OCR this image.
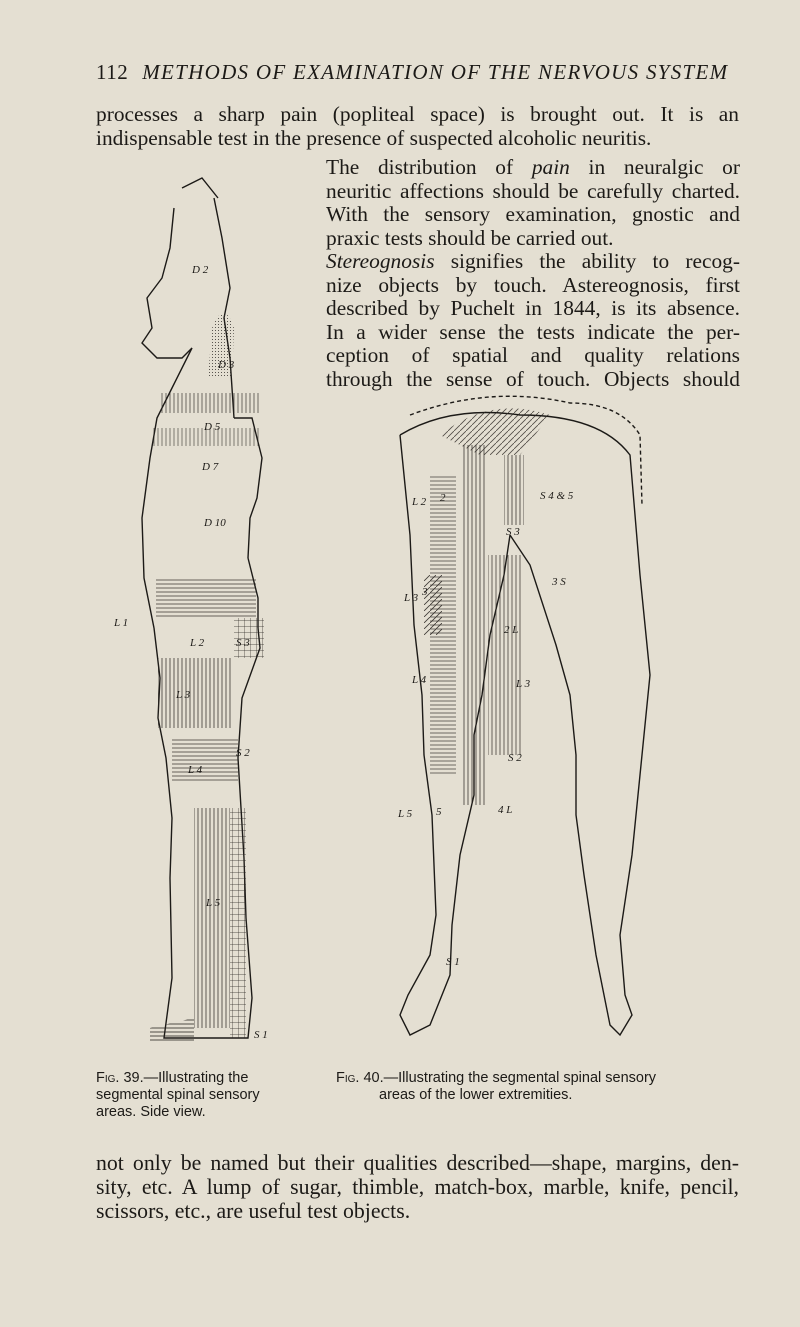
112 METHODS OF EXAMINATION OF THE NERVOUS SYSTEM

processes a sharp pain (popliteal space) is brought out. It is an
indispensable test in the presence of suspected alcoholic neuritis.

The distribution of pain in neuralgic or
neuritic affections should be carefully charted.
With the sensory examination, gnostic and
praxic tests should be carried out.
Stereognosis signifies the ability to recog-
nize objects by touch. Astereognosis, first
described by Puchelt in 1844, is its absence.
In a wider sense the tests indicate the per-
ception of spatial and quality relations
through the sense of touch. Objects should

D 2
D 3
D 5
D 7
D 10
L 1
L 2	S 3
L 3
S 2
L 4
L 5
S 1
L 2 2	S 4 & 5
S 3
L 3 3
3 S
2 L
L 4	L 3
S 2
L 5 5	4 L
S 1

Fig. 39.—Illustrating the
segmental spinal sensory
areas. Side view.

Fig. 40.—Illustrating the segmental spinal sensory
areas of the lower extremities.

not only be named but their qualities described—shape, margins, den-
sity, etc. A lump of sugar, thimble, match-box, marble, knife, pencil,
scissors, etc., are useful test objects.
